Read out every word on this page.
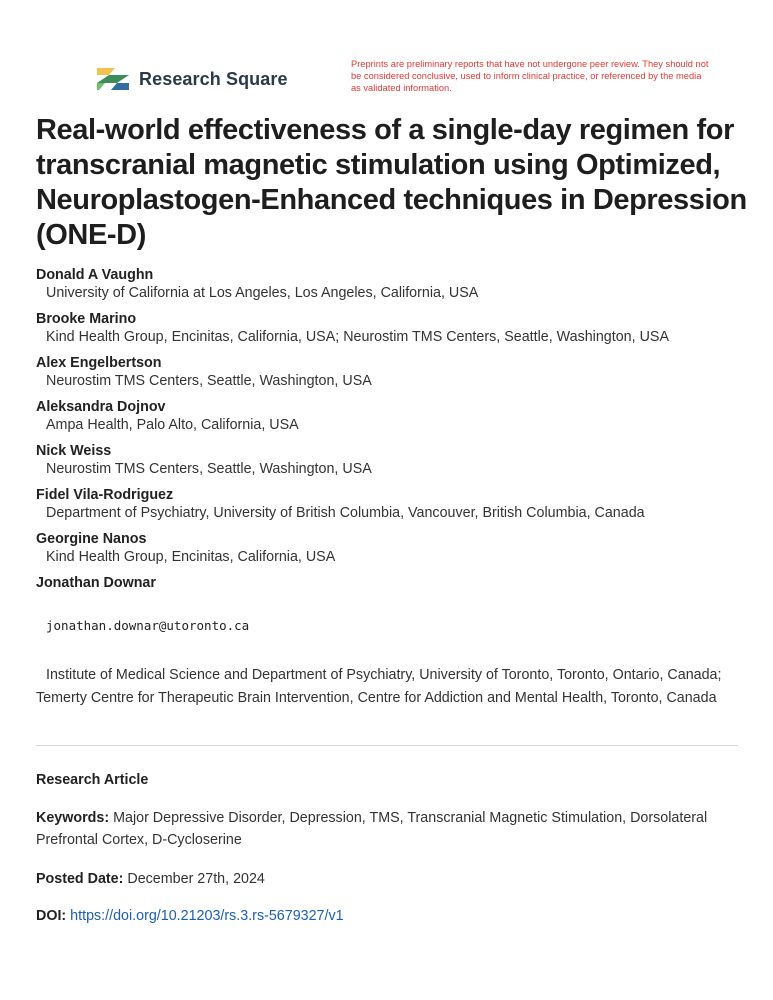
Research Square
Preprints are preliminary reports that have not undergone peer review. They should not be considered conclusive, used to inform clinical practice, or referenced by the media as validated information.
Real-world effectiveness of a single-day regimen for transcranial magnetic stimulation using Optimized, Neuroplastogen-Enhanced techniques in Depression (ONE-D)
Donald A Vaughn
University of California at Los Angeles, Los Angeles, California, USA
Brooke Marino
Kind Health Group, Encinitas, California, USA; Neurostim TMS Centers, Seattle, Washington, USA
Alex Engelbertson
Neurostim TMS Centers, Seattle, Washington, USA
Aleksandra Dojnov
Ampa Health, Palo Alto, California, USA
Nick Weiss
Neurostim TMS Centers, Seattle, Washington, USA
Fidel Vila-Rodriguez
Department of Psychiatry, University of British Columbia, Vancouver, British Columbia, Canada
Georgine Nanos
Kind Health Group, Encinitas, California, USA
Jonathan Downar
jonathan.downar@utoronto.ca

Institute of Medical Science and Department of Psychiatry, University of Toronto, Toronto, Ontario, Canada; Temerty Centre for Therapeutic Brain Intervention, Centre for Addiction and Mental Health, Toronto, Canada

Research Article

Keywords: Major Depressive Disorder, Depression, TMS, Transcranial Magnetic Stimulation, Dorsolateral Prefrontal Cortex, D-Cycloserine

Posted Date: December 27th, 2024

DOI: https://doi.org/10.21203/rs.3.rs-5679327/v1
